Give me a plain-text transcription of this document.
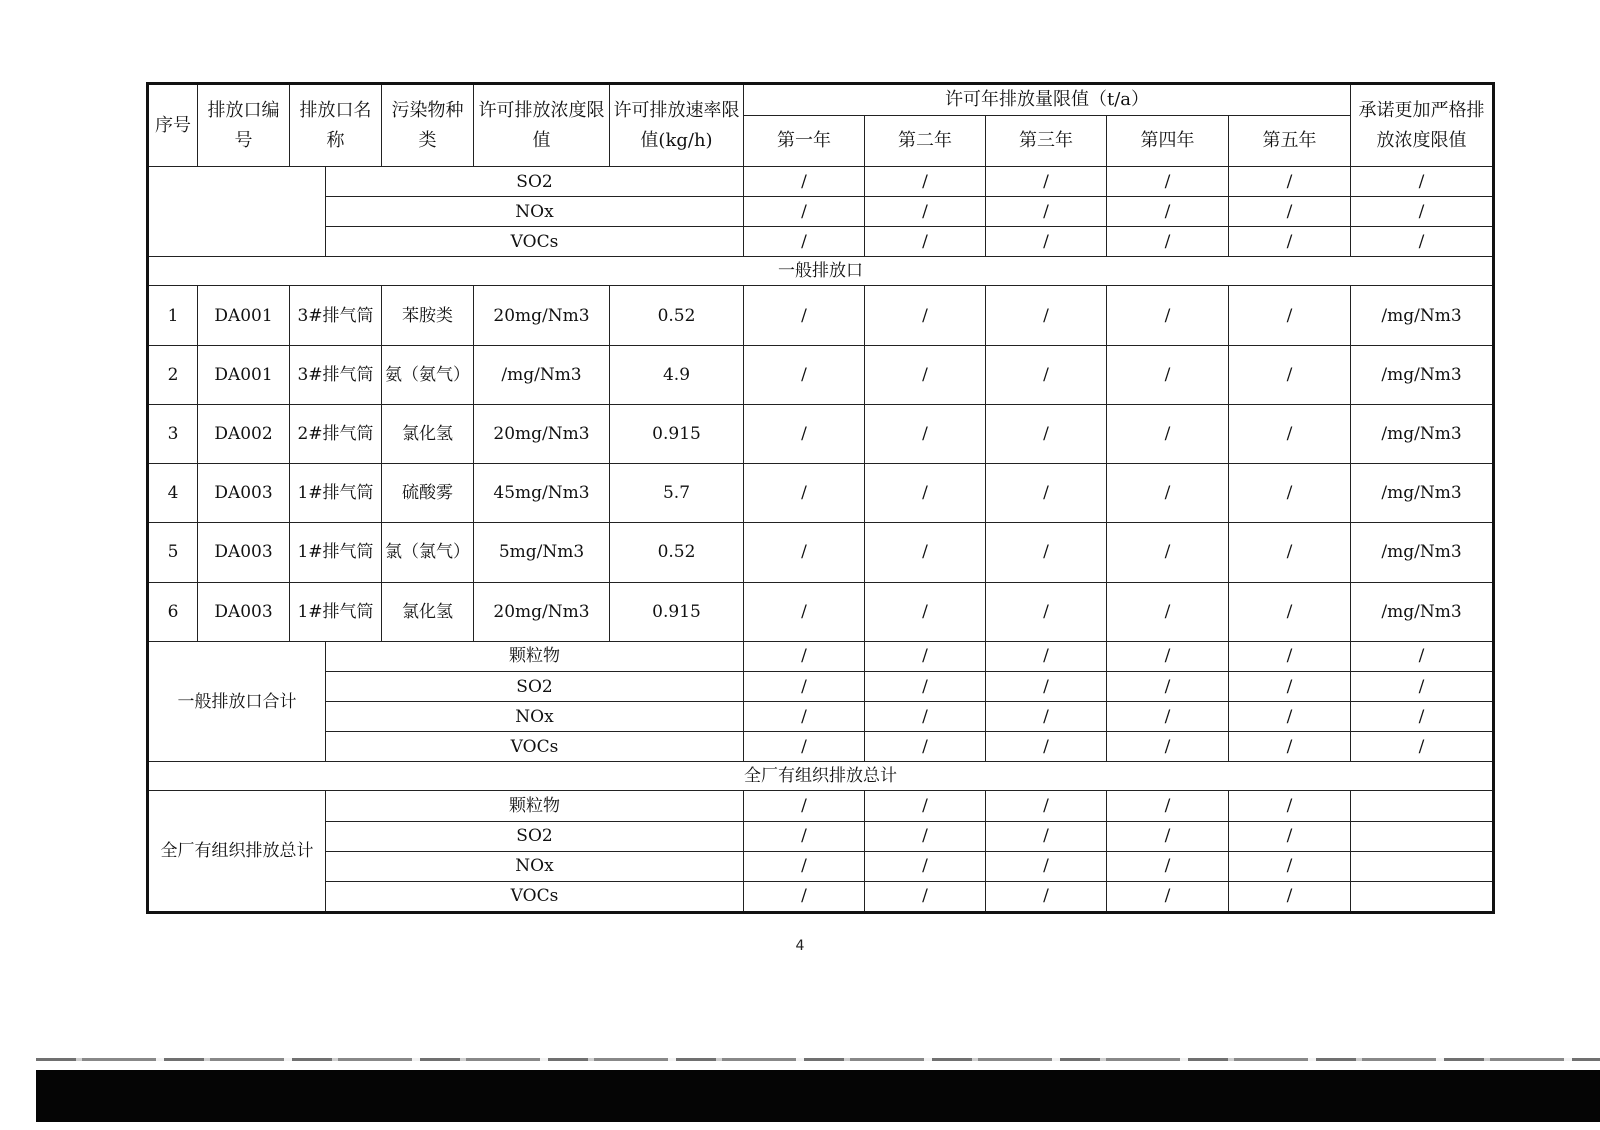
序号	排放口编号	排放口名称		污染物种类	许可排放浓度限值	许可排放速率限值(kg/h)	许可年排放量限值（t/a）					承诺更加严格排放浓度限值
							第一年	第二年	第三年	第四年	第五年	
			SO2				/	/	/	/	/	/
			NOx				/	/	/	/	/	/
			VOCs				/	/	/	/	/	/
一般排放口												
1	DA001	3#排气筒		苯胺类	20mg/Nm3	0.52	/	/	/	/	/	/mg/Nm3
2	DA001	3#排气筒		氨（氨气）	/mg/Nm3	4.9	/	/	/	/	/	/mg/Nm3
3	DA002	2#排气筒		氯化氢	20mg/Nm3	0.915	/	/	/	/	/	/mg/Nm3
4	DA003	1#排气筒		硫酸雾	45mg/Nm3	5.7	/	/	/	/	/	/mg/Nm3
5	DA003	1#排气筒		氯（氯气）	5mg/Nm3	0.52	/	/	/	/	/	/mg/Nm3
6	DA003	1#排气筒		氯化氢	20mg/Nm3	0.915	/	/	/	/	/	/mg/Nm3
一般排放口合计			颗粒物				/	/	/	/	/	/
			SO2				/	/	/	/	/	/
			NOx				/	/	/	/	/	/
			VOCs				/	/	/	/	/	/
全厂有组织排放总计												
全厂有组织排放总计			颗粒物				/	/	/	/	/	
			SO2				/	/	/	/	/	
			NOx				/	/	/	/	/	
			VOCs				/	/	/	/	/	
4
